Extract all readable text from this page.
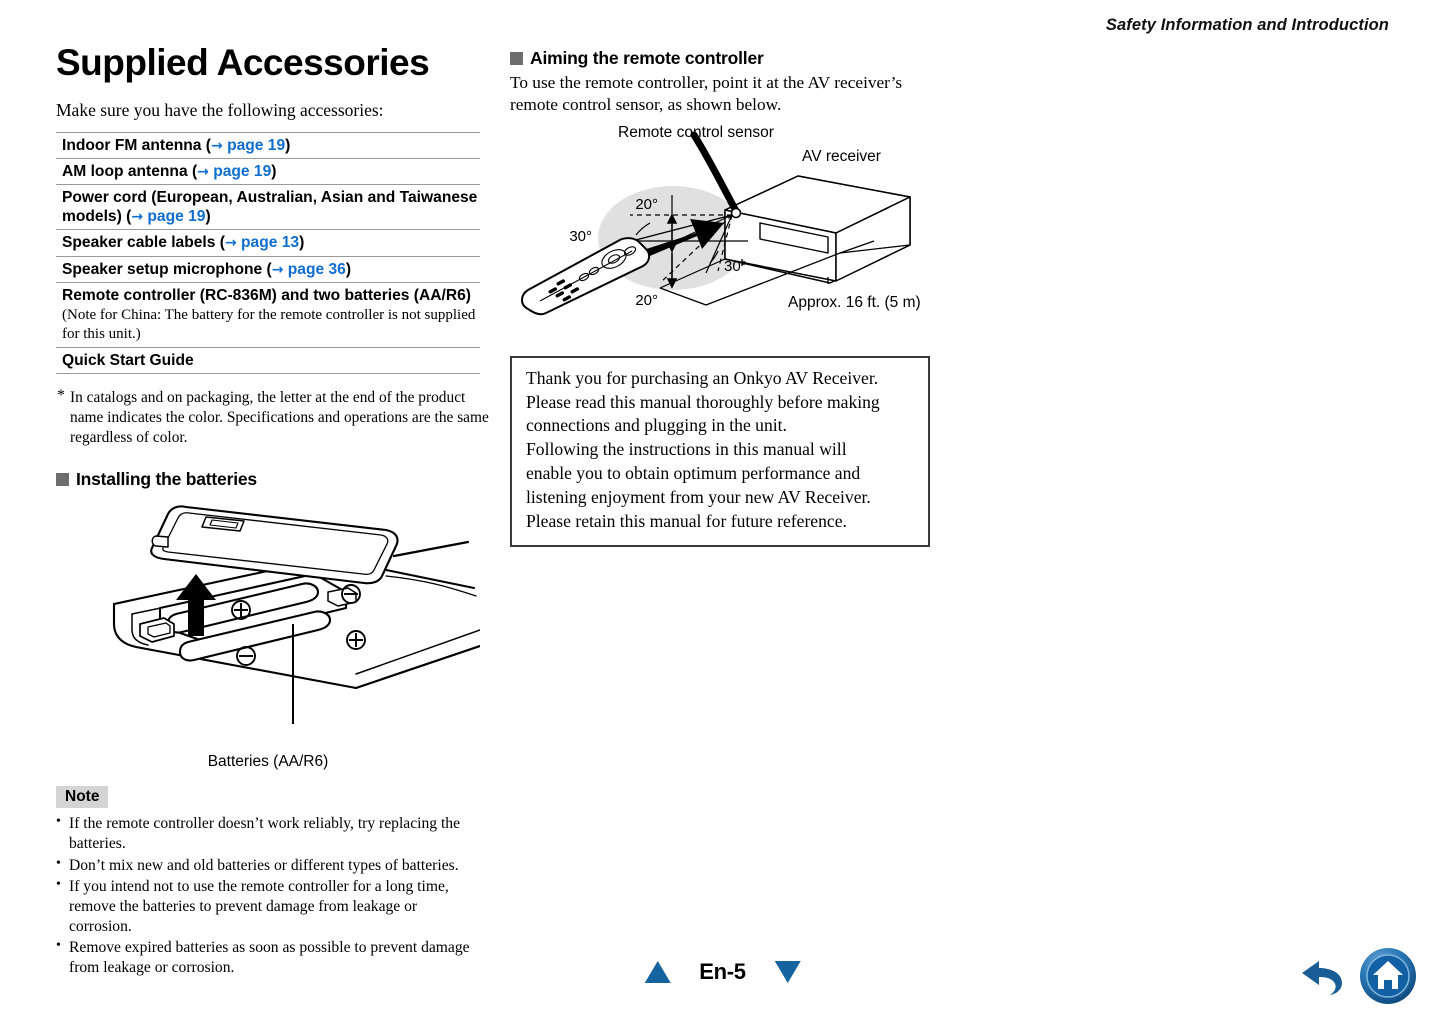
Safety Information and Introduction
Supplied Accessories

Make sure you have the following accessories:

Indoor FM antenna (→ page 19)
AM loop antenna (→ page 19)
Power cord (European, Australian, Asian and Taiwanese models) (→ page 19)
Speaker cable labels (→ page 13)
Speaker setup microphone (→ page 36)
Remote controller (RC-836M) and two batteries (AA/R6)
(Note for China: The battery for the remote controller is not supplied for this unit.)
Quick Start Guide
* In catalogs and on packaging, the letter at the end of the product name indicates the color. Specifications and operations are the same regardless of color.
Installing the batteries
Batteries (AA/R6)
Note
• If the remote controller doesn’t work reliably, try replacing the batteries.
• Don’t mix new and old batteries or different types of batteries.
• If you intend not to use the remote controller for a long time, remove the batteries to prevent damage from leakage or corrosion.
• Remove expired batteries as soon as possible to prevent damage from leakage or corrosion.
Aiming the remote controller

To use the remote controller, point it at the AV receiver’s remote control sensor, as shown below.

Remote control sensor
AV receiver
20°
20°
30°
30°
Approx. 16 ft. (5 m)
Thank you for purchasing an Onkyo AV Receiver.
Please read this manual thoroughly before making
connections and plugging in the unit.
Following the instructions in this manual will
enable you to obtain optimum performance and
listening enjoyment from your new AV Receiver.
Please retain this manual for future reference.
En-5
